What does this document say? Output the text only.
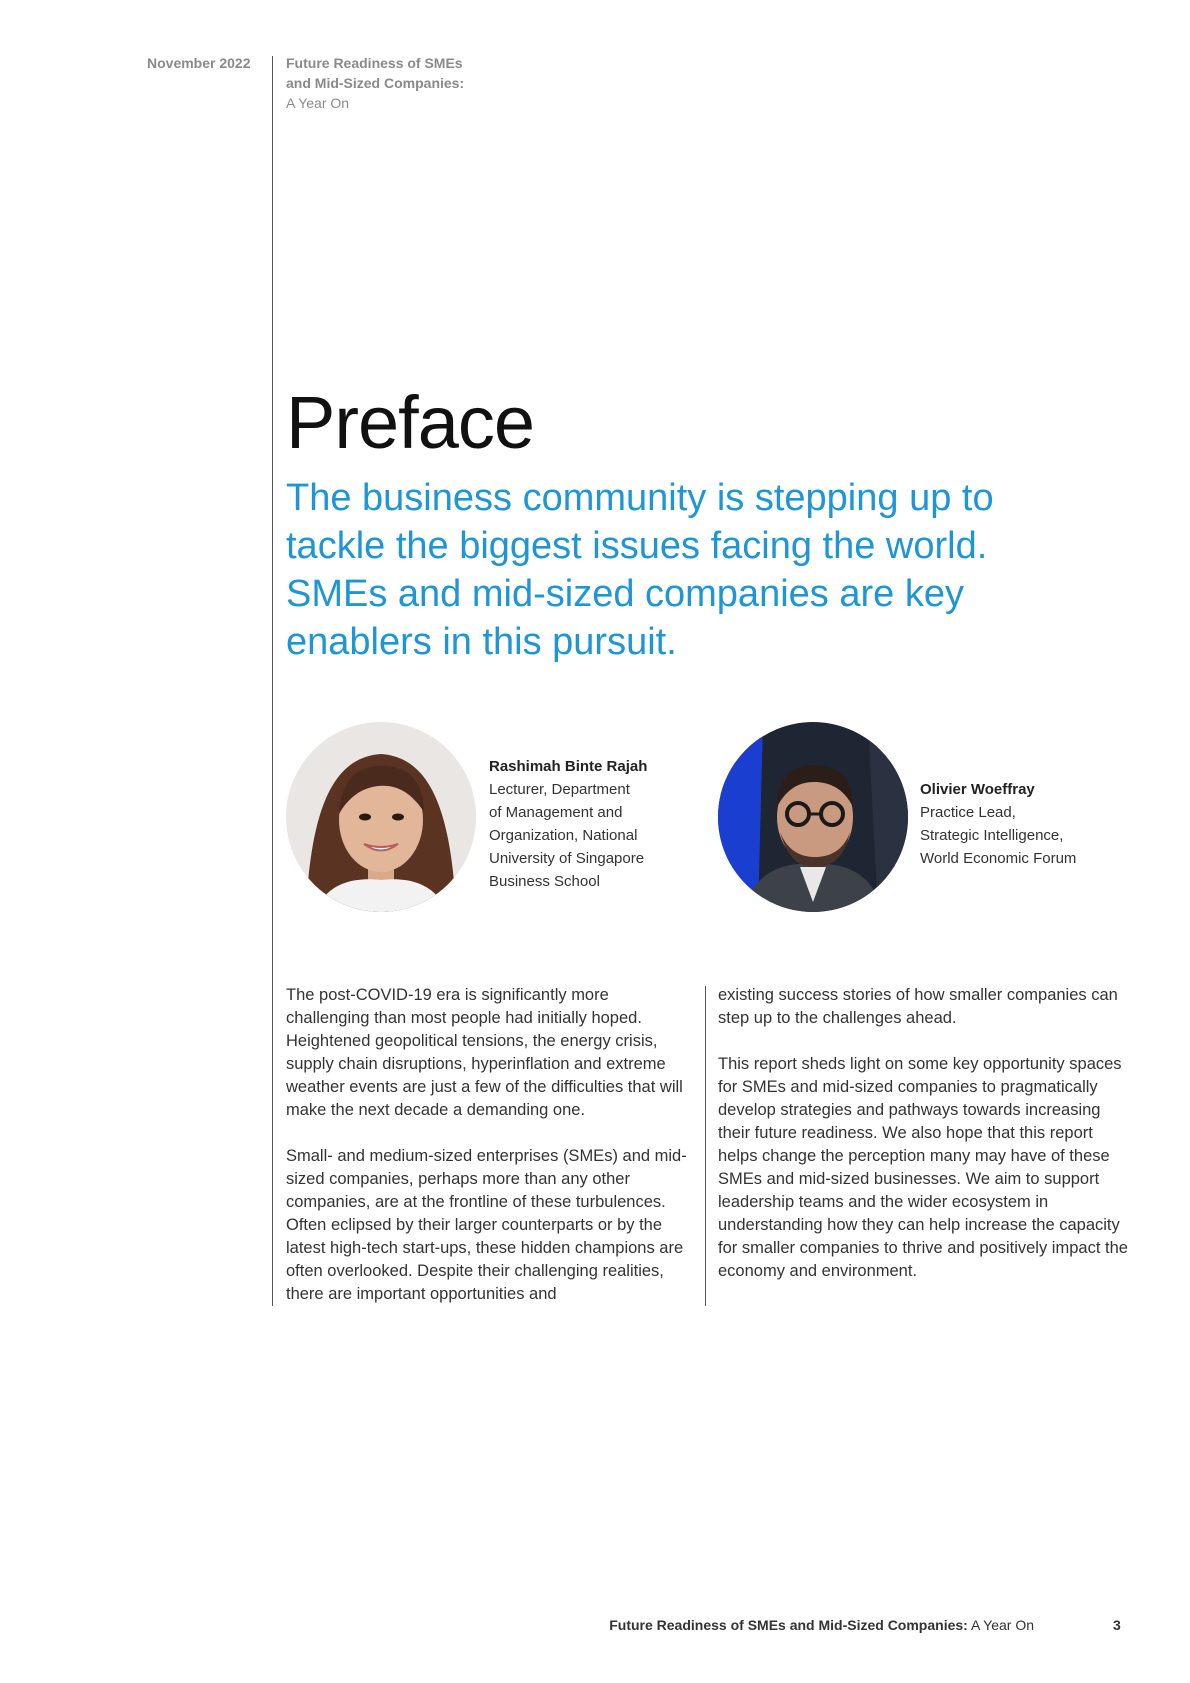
November 2022	Future Readiness of SMEs
and Mid-Sized Companies:
A Year On
Preface

The business community is stepping up to tackle the biggest issues facing the world. SMEs and mid-sized companies are key enablers in this pursuit.

Rashimah Binte Rajah
Lecturer, Department
of Management and
Organization, National
University of Singapore
Business School
Olivier Woeffray
Practice Lead,
Strategic Intelligence,
World Economic Forum

The post-COVID-19 era is significantly more challenging than most people had initially hoped. Heightened geopolitical tensions, the energy crisis, supply chain disruptions, hyperinflation and extreme weather events are just a few of the difficulties that will make the next decade a demanding one.

Small- and medium-sized enterprises (SMEs) and mid-sized companies, perhaps more than any other companies, are at the frontline of these turbulences. Often eclipsed by their larger counterparts or by the latest high-tech start-ups, these hidden champions are often overlooked. Despite their challenging realities, there are important opportunities and

existing success stories of how smaller companies can step up to the challenges ahead.

This report sheds light on some key opportunity spaces for SMEs and mid-sized companies to pragmatically develop strategies and pathways towards increasing their future readiness. We also hope that this report helps change the perception many may have of these SMEs and mid-sized businesses. We aim to support leadership teams and the wider ecosystem in understanding how they can help increase the capacity for smaller companies to thrive and positively impact the economy and environment.

Future Readiness of SMEs and Mid-Sized Companies: A Year On	3
